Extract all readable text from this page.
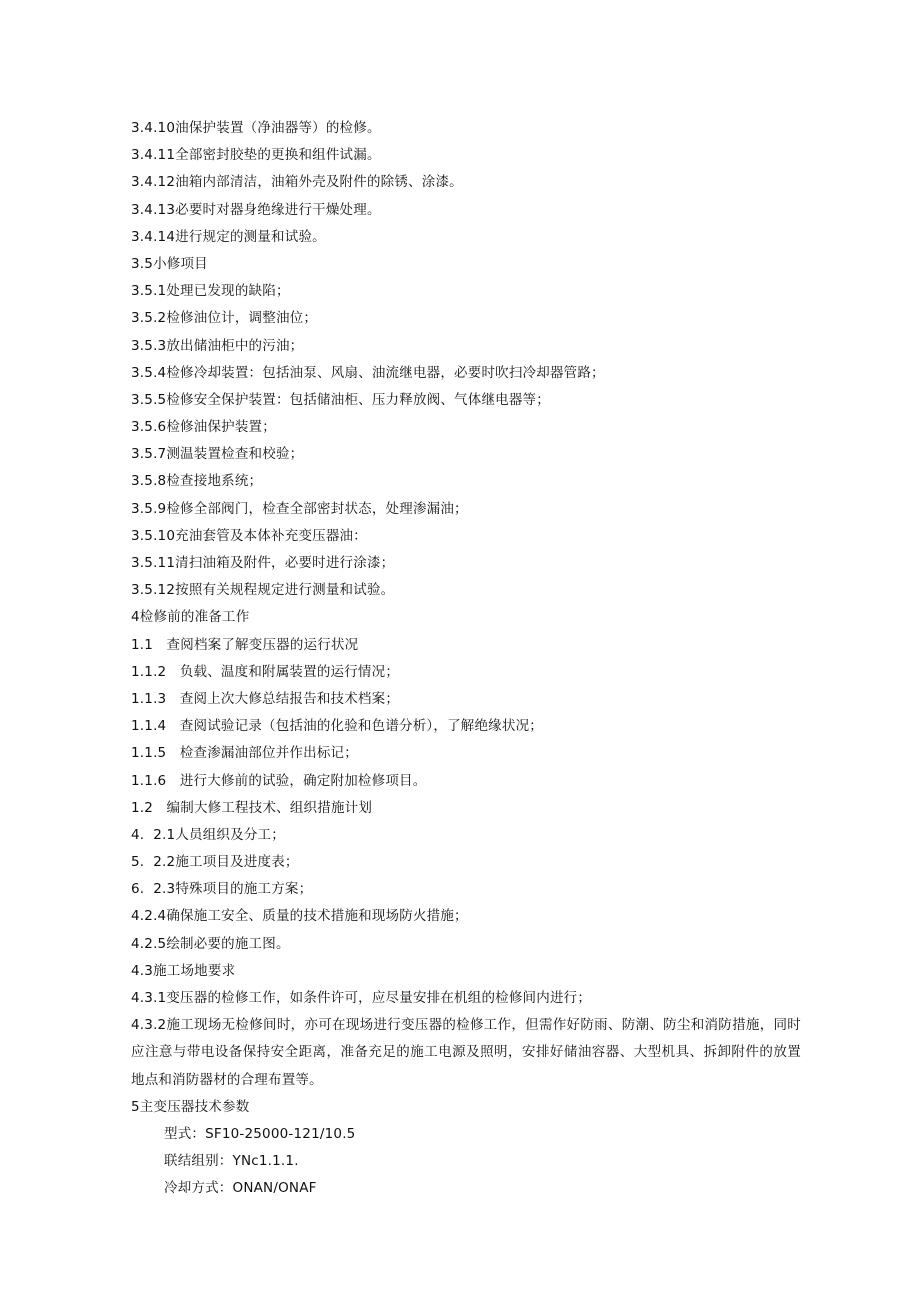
3.4.10油保护装置（净油器等）的检修。
3.4.11全部密封胶垫的更换和组件试漏。
3.4.12油箱内部清洁，油箱外壳及附件的除锈、涂漆。
3.4.13必要时对器身绝缘进行干燥处理。
3.4.14进行规定的测量和试验。
3.5小修项目
3.5.1处理已发现的缺陷；
3.5.2检修油位计，调整油位；
3.5.3放出储油柜中的污油；
3.5.4检修冷却装置：包括油泵、风扇、油流继电器，必要时吹扫冷却器管路；
3.5.5检修安全保护装置：包括储油柜、压力释放阀、气体继电器等；
3.5.6检修油保护装置；
3.5.7测温装置检查和校验；
3.5.8检查接地系统；
3.5.9检修全部阀门，检查全部密封状态，处理渗漏油；
3.5.10充油套管及本体补充变压器油：
3.5.11清扫油箱及附件，必要时进行涂漆；
3.5.12按照有关规程规定进行测量和试验。
4检修前的准备工作
1.1   查阅档案了解变压器的运行状况
1.1.2   负载、温度和附属装置的运行情况；
1.1.3   查阅上次大修总结报告和技术档案；
1.1.4   查阅试验记录（包括油的化验和色谱分析），了解绝缘状况；
1.1.5   检查渗漏油部位并作出标记；
1.1.6   进行大修前的试验，确定附加检修项目。
1.2   编制大修工程技术、组织措施计划
4.  2.1人员组织及分工；
5.  2.2施工项目及进度表；
6.  2.3特殊项目的施工方案；
4.2.4确保施工安全、质量的技术措施和现场防火措施；
4.2.5绘制必要的施工图。
4.3施工场地要求
4.3.1变压器的检修工作，如条件许可，应尽量安排在机组的检修间内进行；
4.3.2施工现场无检修间时，亦可在现场进行变压器的检修工作，但需作好防雨、防潮、防尘和消防措施，同时应注意与带电设备保持安全距离，准备充足的施工电源及照明，安排好储油容器、大型机具、拆卸附件的放置地点和消防器材的合理布置等。
5主变压器技术参数
型式：SF10-25000-121/10.5
联结组别：YNc1.1.1.
冷却方式：ONAN/ONAF
